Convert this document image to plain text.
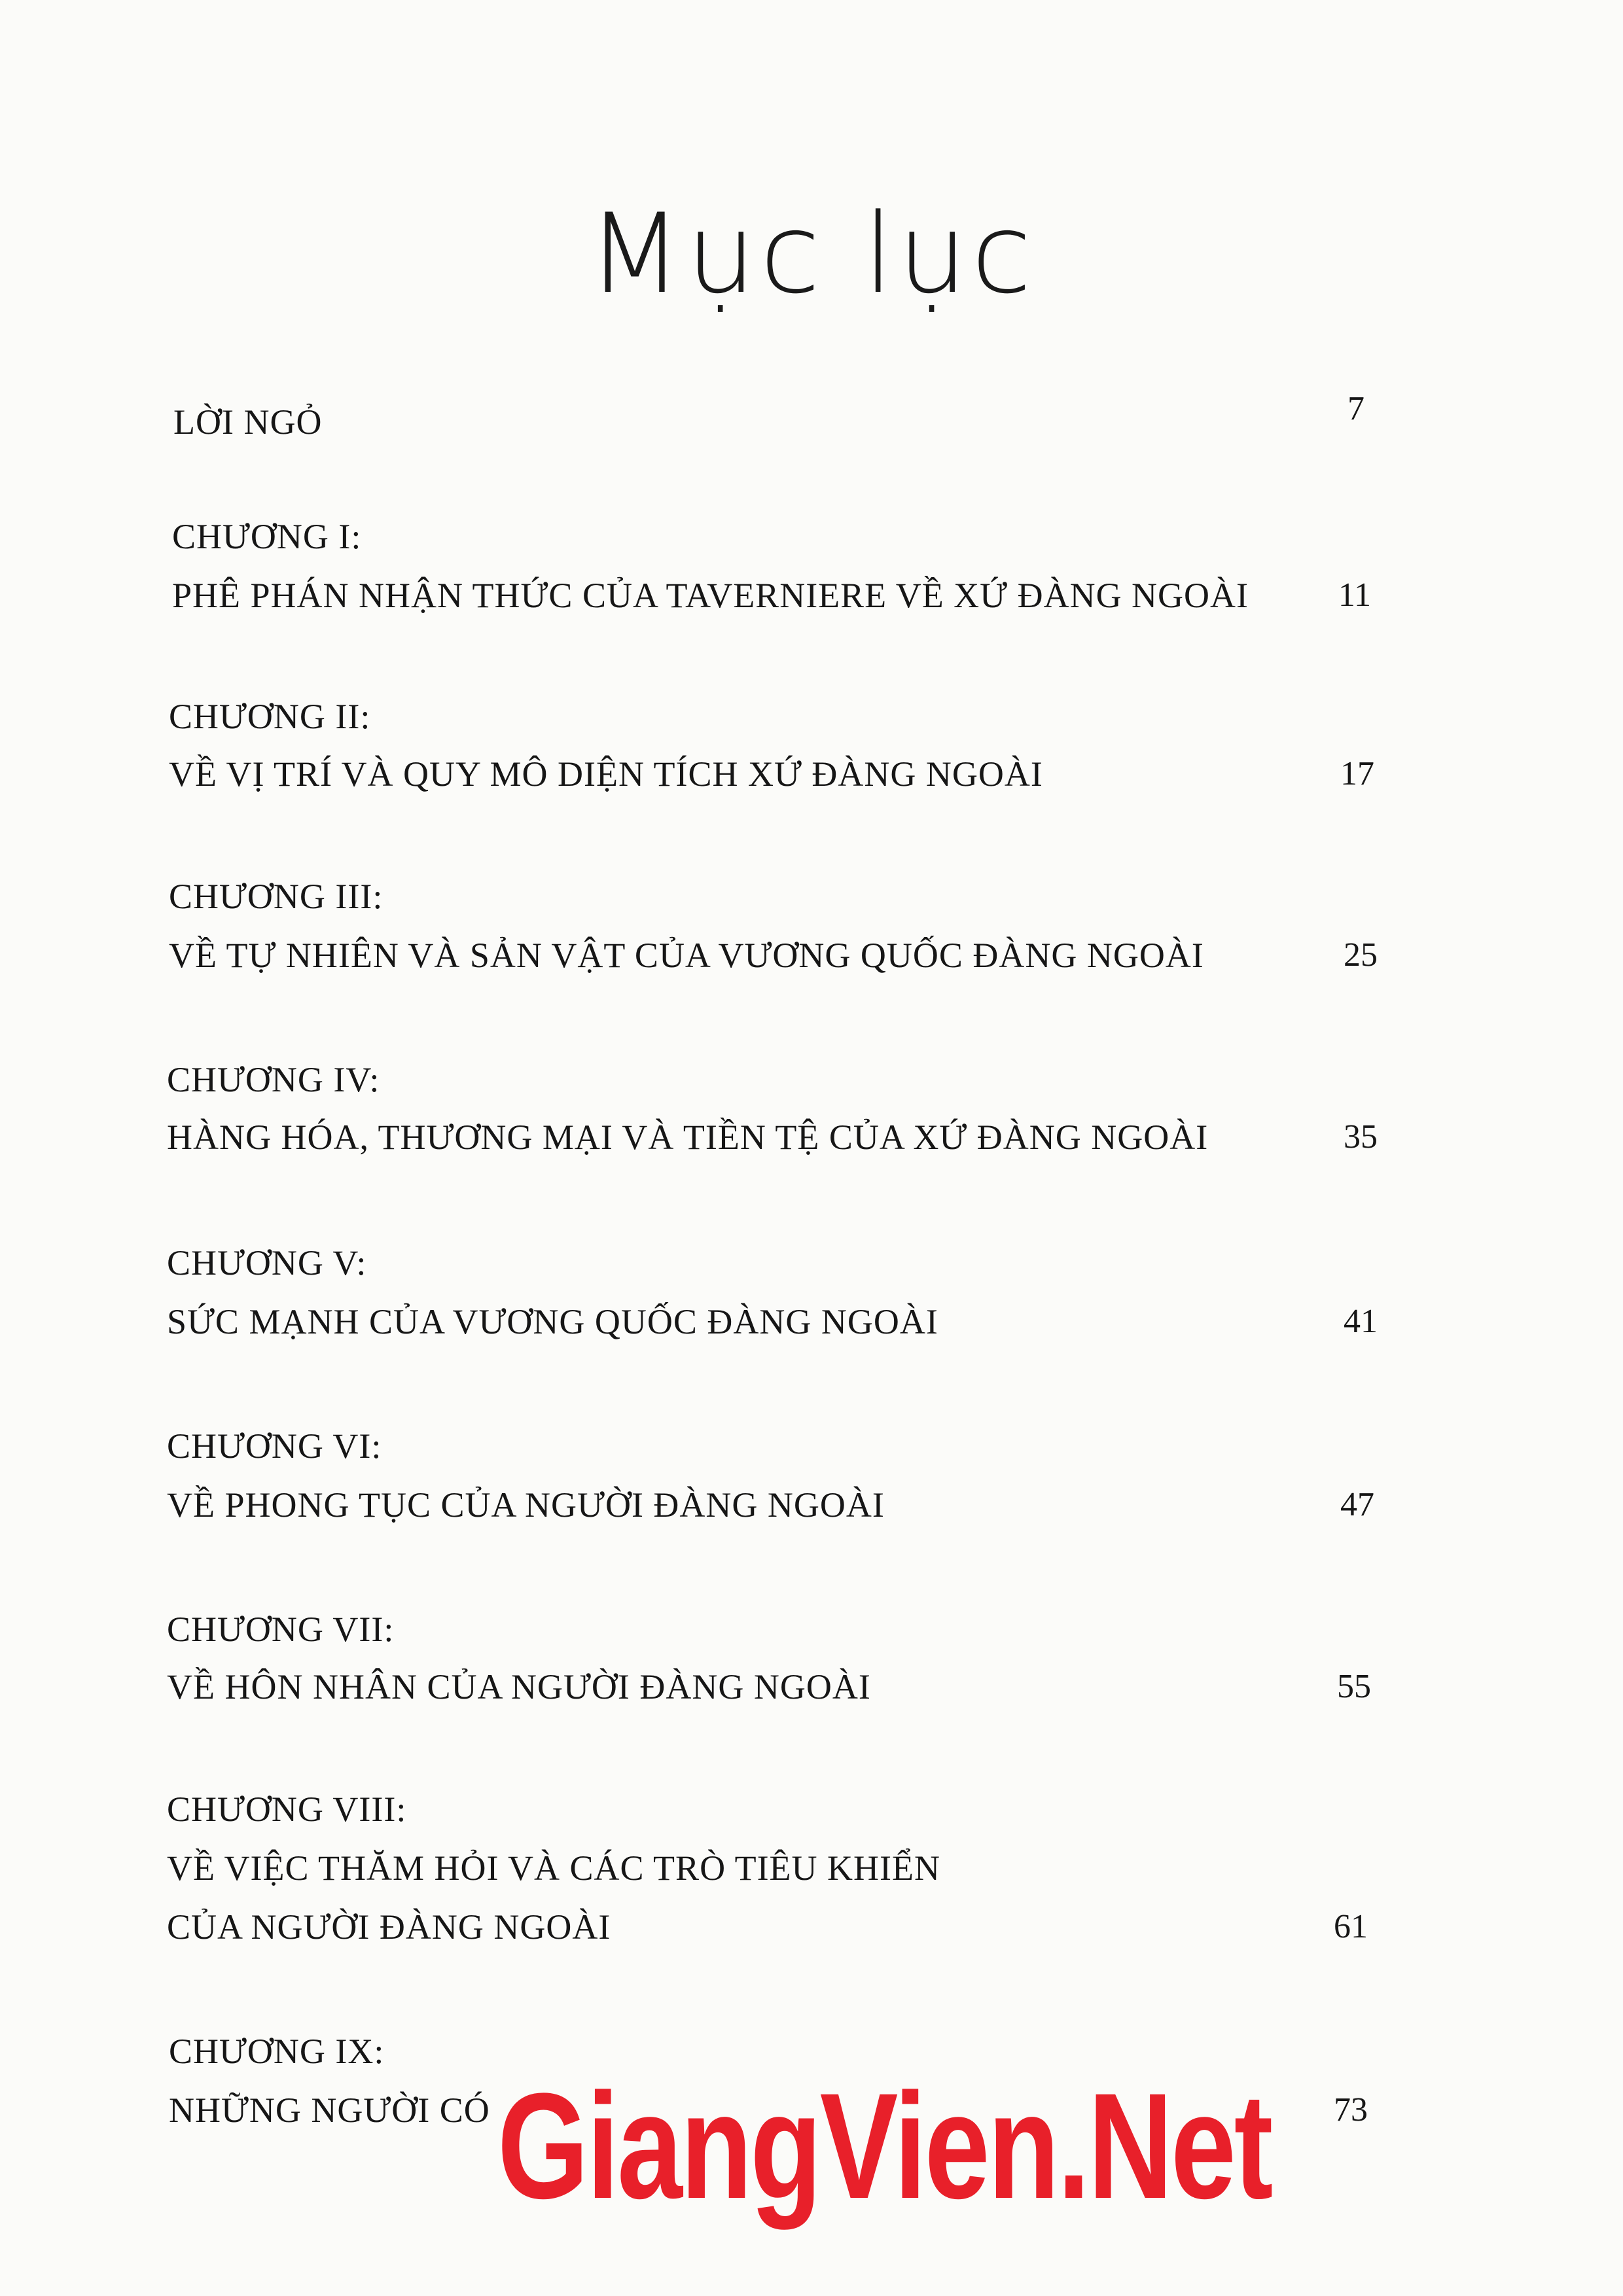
Mục lục
LỜI NGỎ	7
CHƯƠNG I:
PHÊ PHÁN NHẬN THỨC CỦA TAVERNIERE VỀ XỨ ĐÀNG NGOÀI	11
CHƯƠNG II:
VỀ VỊ TRÍ VÀ QUY MÔ DIỆN TÍCH XỨ ĐÀNG NGOÀI	17
CHƯƠNG III:
VỀ TỰ NHIÊN VÀ SẢN VẬT CỦA VƯƠNG QUỐC ĐÀNG NGOÀI	25
CHƯƠNG IV:
HÀNG HÓA, THƯƠNG MẠI VÀ TIỀN TỆ CỦA XỨ ĐÀNG NGOÀI	35
CHƯƠNG V:
SỨC MẠNH CỦA VƯƠNG QUỐC ĐÀNG NGOÀI	41
CHƯƠNG VI:
VỀ PHONG TỤC CỦA NGƯỜI ĐÀNG NGOÀI	47
CHƯƠNG VII:
VỀ HÔN NHÂN CỦA NGƯỜI ĐÀNG NGOÀI	55
CHƯƠNG VIII:
VỀ VIỆC THĂM HỎI VÀ CÁC TRÒ TIÊU KHIỂN
CỦA NGƯỜI ĐÀNG NGOÀI	61
CHƯƠNG IX:
NHỮNG NGƯỜI CÓ	73
GiangVien.Net
